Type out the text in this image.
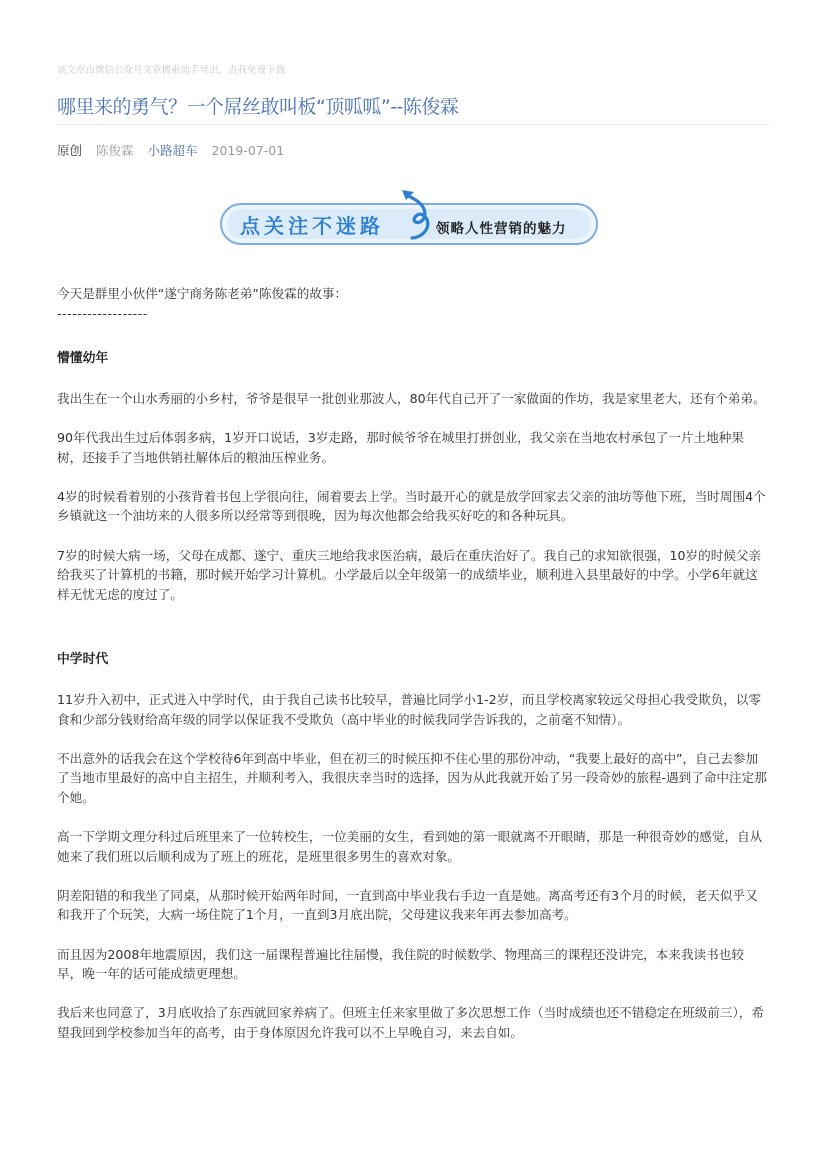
该文章由微信公众号文章搜索助手导出，点我免费下载
哪里来的勇气？一个屌丝敢叫板“顶呱呱”--陈俊霖
原创 陈俊霖 小路超车 2019-07-01
点关注不迷路	领略人性营销的魅力

今天是群里小伙伴“遂宁商务陈老弟”陈俊霖的故事：

------------------

懵懂幼年

我出生在一个山水秀丽的小乡村，爷爷是很早一批创业那波人，80年代自己开了一家做面的作坊，我是家里老大，还有个弟弟。

90年代我出生过后体弱多病，1岁开口说话，3岁走路，那时候爷爷在城里打拼创业，我父亲在当地农村承包了一片土地种果树，还接手了当地供销社解体后的粮油压榨业务。

4岁的时候看着别的小孩背着书包上学很向往，闹着要去上学。当时最开心的就是放学回家去父亲的油坊等他下班，当时周围4个乡镇就这一个油坊来的人很多所以经常等到很晚，因为每次他都会给我买好吃的和各种玩具。

7岁的时候大病一场，父母在成都、遂宁、重庆三地给我求医治病，最后在重庆治好了。我自己的求知欲很强，10岁的时候父亲给我买了计算机的书籍，那时候开始学习计算机。小学最后以全年级第一的成绩毕业，顺利进入县里最好的中学。小学6年就这样无忧无虑的度过了。

中学时代

11岁升入初中，正式进入中学时代，由于我自己读书比较早，普遍比同学小1-2岁，而且学校离家较远父母担心我受欺负，以零食和少部分钱财给高年级的同学以保证我不受欺负（高中毕业的时候我同学告诉我的，之前毫不知情）。

不出意外的话我会在这个学校待6年到高中毕业，但在初三的时候压抑不住心里的那份冲动，“我要上最好的高中”，自己去参加了当地市里最好的高中自主招生，并顺利考入，我很庆幸当时的选择，因为从此我就开始了另一段奇妙的旅程-遇到了命中注定那个她。

高一下学期文理分科过后班里来了一位转校生，一位美丽的女生，看到她的第一眼就离不开眼睛，那是一种很奇妙的感觉，自从她来了我们班以后顺利成为了班上的班花，是班里很多男生的喜欢对象。

阴差阳错的和我坐了同桌，从那时候开始两年时间，一直到高中毕业我右手边一直是她。离高考还有3个月的时候，老天似乎又和我开了个玩笑，大病一场住院了1个月，一直到3月底出院，父母建议我来年再去参加高考。

而且因为2008年地震原因，我们这一届课程普遍比往届慢，我住院的时候数学、物理高三的课程还没讲完，本来我读书也较早，晚一年的话可能成绩更理想。

我后来也同意了，3月底收拾了东西就回家养病了。但班主任来家里做了多次思想工作（当时成绩也还不错稳定在班级前三），希望我回到学校参加当年的高考，由于身体原因允许我可以不上早晚自习，来去自如。
